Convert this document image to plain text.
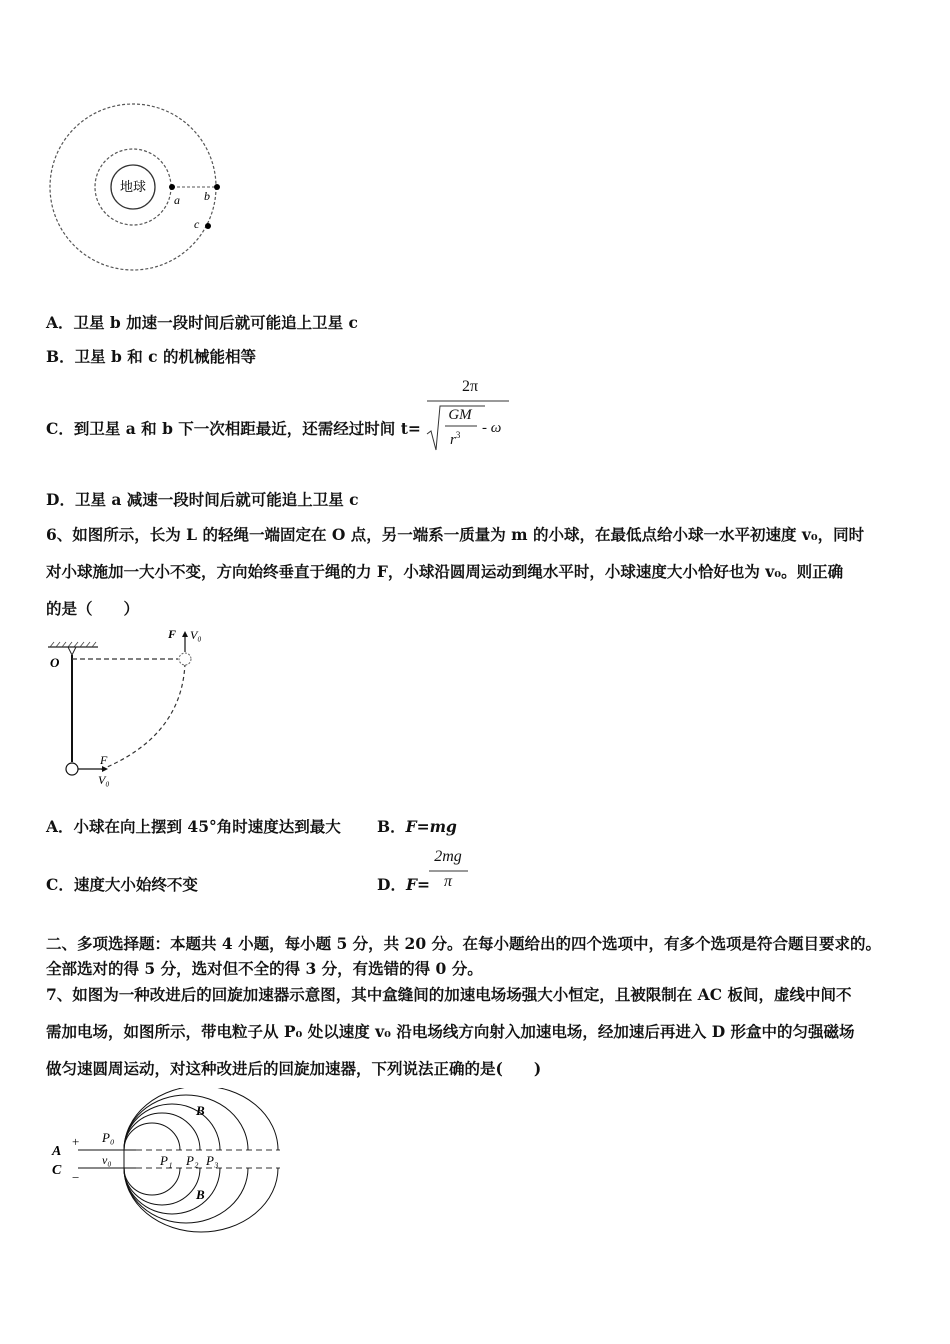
地球
a b
c
A．卫星 b 加速一段时间后就可能追上卫星 c
B．卫星 b 和 c 的机械能相等
C．到卫星 a 和 b 下一次相距最近，还需经过时间 t=
2π
GM
$r^3$ - ω
D．卫星 a 减速一段时间后就可能追上卫星 c
6、如图所示，长为 L 的轻绳一端固定在 O 点，另一端系一质量为 m 的小球，在最低点给小球一水平初速度 v₀，同时
对小球施加一大小不变，方向始终垂直于绳的力 F，小球沿圆周运动到绳水平时，小球速度大小恰好也为 v₀。则正确
的是（　　）
O
F V₀
F
V₀
A．小球在向上摆到 45°角时速度达到最大 B．F=mg
C．速度大小始终不变	D．F=
2mg
π
二、多项选择题：本题共 4 小题，每小题 5 分，共 20 分。在每小题给出的四个选项中，有多个选项是符合题目要求的。
全部选对的得 5 分，选对但不全的得 3 分，有选错的得 0 分。
7、如图为一种改进后的回旋加速器示意图，其中盒缝间的加速电场场强大小恒定，且被限制在 AC 板间，虚线中间不
需加电场，如图所示，带电粒子从 P₀ 处以速度 v₀ 沿电场线方向射入加速电场，经加速后再进入 D 形盒中的匀强磁场
做匀速圆周运动，对这种改进后的回旋加速器，下列说法正确的是(　　)
A
C
+
−
P₀
v₀	P₁ P₂ P₃
B
B
